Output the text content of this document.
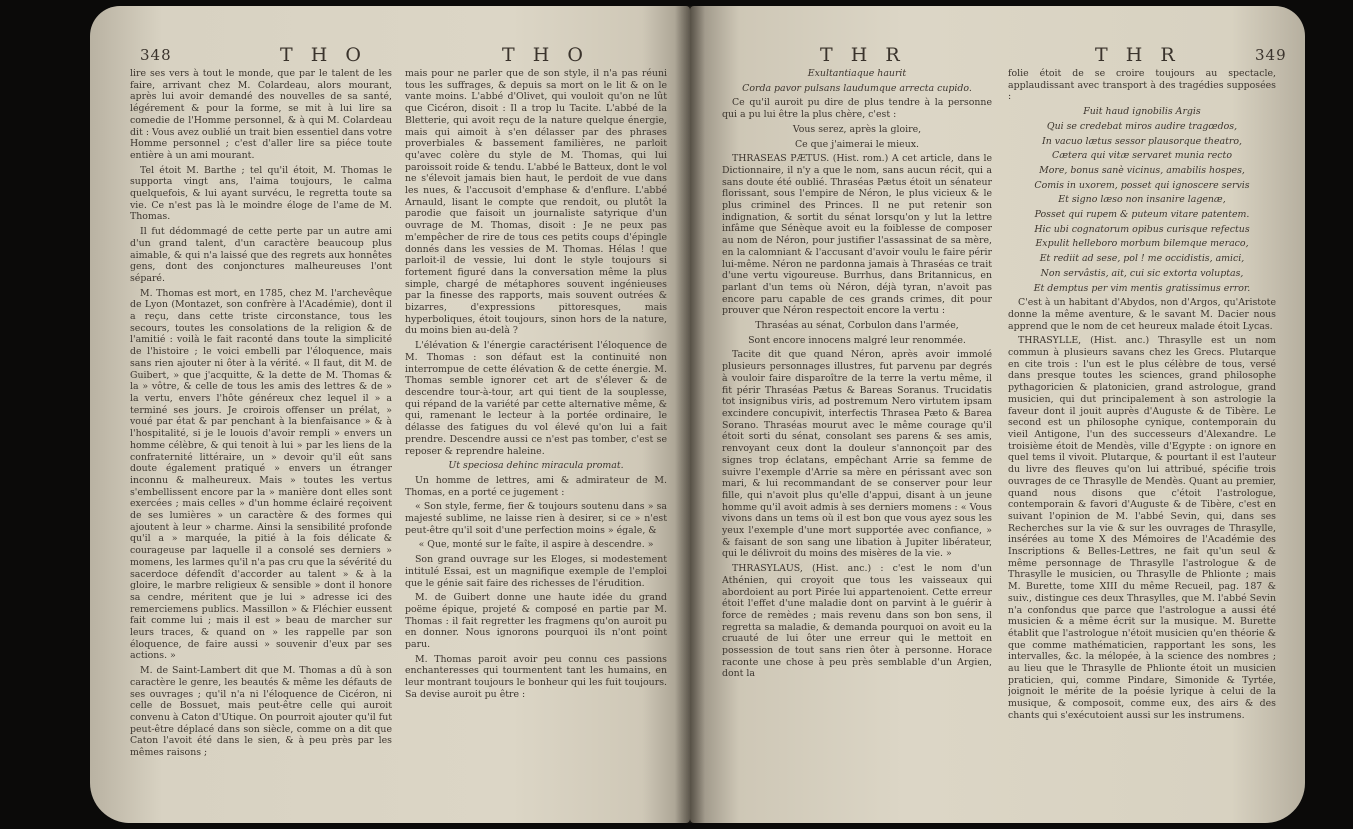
348	T H O	T H O

lire ses vers à tout le monde, que par le talent de les faire, arrivant chez M. Colardeau, alors mourant, après lui avoir demandé des nouvelles de sa santé, légérement & pour la forme, se mit à lui lire sa comedie de l'Homme personnel, & à qui M. Colardeau dit : Vous avez oublié un trait bien essentiel dans votre Homme personnel ; c'est d'aller lire sa piéce toute entière à un ami mourant.

Tel étoit M. Barthe ; tel qu'il étoit, M. Thomas le supporta vingt ans, l'aima toujours, le calma quelquefois, & lui ayant survécu, le regretta toute sa vie. Ce n'est pas là le moindre éloge de l'ame de M. Thomas.

Il fut dédommagé de cette perte par un autre ami d'un grand talent, d'un caractère beaucoup plus aimable, & qui n'a laissé que des regrets aux honnêtes gens, dont des conjonctures malheureuses l'ont séparé.

M. Thomas est mort, en 1785, chez M. l'archevêque de Lyon (Montazet, son confrère à l'Académie), dont il a reçu, dans cette triste circonstance, tous les secours, toutes les consolations de la religion & de l'amitié : voilà le fait raconté dans toute la simplicité de l'histoire ; le voici embelli par l'éloquence, mais sans rien ajouter ni ôter à la vérité. « Il faut, dit M. de Guibert, » que j'acquitte, & la dette de M. Thomas & la » vôtre, & celle de tous les amis des lettres & de » la vertu, envers l'hôte généreux chez lequel il » a terminé ses jours. Je croirois offenser un prélat, » voué par état & par penchant à la bienfaisance » & à l'hospitalité, si je le louois d'avoir rempli » envers un homme célèbre, & qui tenoit à lui » par les liens de la confraternité littéraire, un » devoir qu'il eût sans doute également pratiqué » envers un étranger inconnu & malheureux. Mais » toutes les vertus s'embellissent encore par la » manière dont elles sont exercées ; mais celles » d'un homme éclairé reçoivent de ses lumières » un caractère & des formes qui ajoutent à leur » charme. Ainsi la sensibilité profonde qu'il a » marquée, la pitié à la fois délicate & courageuse par laquelle il a consolé ses derniers » momens, les larmes qu'il n'a pas cru que la sévérité du sacerdoce défendît d'accorder au talent » & à la gloire, le marbre religieux & sensible » dont il honore sa cendre, méritent que je lui » adresse ici des remerciemens publics. Massillon » & Fléchier eussent fait comme lui ; mais il est » beau de marcher sur leurs traces, & quand on » les rappelle par son éloquence, de faire aussi » souvenir d'eux par ses actions. »

M. de Saint-Lambert dit que M. Thomas a dû à son caractère le genre, les beautés & même les défauts de ses ouvrages ; qu'il n'a ni l'éloquence de Cicéron, ni celle de Bossuet, mais peut-être celle qui auroit convenu à Caton d'Utique. On pourroit ajouter qu'il fut peut-être déplacé dans son siècle, comme on a dit que Caton l'avoit été dans le sien, & à peu près par les mêmes raisons ;

mais pour ne parler que de son style, il n'a pas réuni tous les suffrages, & depuis sa mort on le lit & on le vante moins. L'abbé d'Olivet, qui vouloit qu'on ne lût que Cicéron, disoit : Il a trop lu Tacite. L'abbé de la Bletterie, qui avoit reçu de la nature quelque énergie, mais qui aimoit à s'en délasser par des phrases proverbiales & bassement familières, ne parloit qu'avec colère du style de M. Thomas, qui lui paroissoit roide & tendu. L'abbé le Batteux, dont le vol ne s'élevoit jamais bien haut, le perdoit de vue dans les nues, & l'accusoit d'emphase & d'enflure. L'abbé Arnauld, lisant le compte que rendoit, ou plutôt la parodie que faisoit un journaliste satyrique d'un ouvrage de M. Thomas, disoit : Je ne peux pas m'empêcher de rire de tous ces petits coups d'épingle donnés dans les vessies de M. Thomas. Hélas ! que parloit-il de vessie, lui dont le style toujours si fortement figuré dans la conversation même la plus simple, chargé de métaphores souvent ingénieuses par la finesse des rapports, mais souvent outrées & bizarres, d'expressions pittoresques, mais hyperboliques, étoit toujours, sinon hors de la nature, du moins bien au-delà ?

L'élévation & l'énergie caractérisent l'éloquence de M. Thomas : son défaut est la continuité non interrompue de cette élévation & de cette énergie. M. Thomas semble ignorer cet art de s'élever & de descendre tour-à-tour, art qui tient de la souplesse, qui répand de la variété par cette alternative même, & qui, ramenant le lecteur à la portée ordinaire, le délasse des fatigues du vol élevé qu'on lui a fait prendre. Descendre aussi ce n'est pas tomber, c'est se reposer & reprendre haleine.

Ut speciosa dehinc miracula promat.

Un homme de lettres, ami & admirateur de M. Thomas, en a porté ce jugement :

« Son style, ferme, fier & toujours soutenu dans » sa majesté sublime, ne laisse rien à desirer, si ce » n'est peut-être qu'il soit d'une perfection moins » égale, &

« Que, monté sur le faîte, il aspire à descendre. »

Son grand ouvrage sur les Eloges, si modestement intitulé Essai, est un magnifique exemple de l'emploi que le génie sait faire des richesses de l'érudition.

M. de Guibert donne une haute idée du grand poëme épique, projeté & composé en partie par M. Thomas : il fait regretter les fragmens qu'on auroit pu en donner. Nous ignorons pourquoi ils n'ont point paru.

M. Thomas paroit avoir peu connu ces passions enchanteresses qui tourmentent tant les humains, en leur montrant toujours le bonheur qui les fuit toujours. Sa devise auroit pu être :

T H R	T H R	349

Exultantiaque haurit

Corda pavor pulsans laudumque arrecta cupido.

Ce qu'il auroit pu dire de plus tendre à la personne qui a pu lui être la plus chère, c'est :

Vous serez, après la gloire,

Ce que j'aimerai le mieux.

THRASEAS PÆTUS. (Hist. rom.) A cet article, dans le Dictionnaire, il n'y a que le nom, sans aucun récit, qui a sans doute été oublié. Thraséas Pætus étoit un sénateur florissant, sous l'empire de Néron, le plus vicieux & le plus criminel des Princes. Il ne put retenir son indignation, & sortit du sénat lorsqu'on y lut la lettre infâme que Sénèque avoit eu la foiblesse de composer au nom de Néron, pour justifier l'assassinat de sa mère, en la calomniant & l'accusant d'avoir voulu le faire périr lui-même. Néron ne pardonna jamais à Thraséas ce trait d'une vertu vigoureuse. Burrhus, dans Britannicus, en parlant d'un tems où Néron, déjà tyran, n'avoit pas encore paru capable de ces grands crimes, dit pour prouver que Néron respectoit encore la vertu :

Thraséas au sénat, Corbulon dans l'armée,

Sont encore innocens malgré leur renommée.

Tacite dit que quand Néron, après avoir immolé plusieurs personnages illustres, fut parvenu par degrés à vouloir faire disparoître de la terre la vertu même, il fit périr Thraséas Pætus & Bareas Soranus. Trucidatis tot insignibus viris, ad postremum Nero virtutem ipsam excindere concupivit, interfectis Thrasea Pæto & Barea Sorano. Thraséas mourut avec le même courage qu'il étoit sorti du sénat, consolant ses parens & ses amis, renvoyant ceux dont la douleur s'annonçoit par des signes trop éclatans, empêchant Arrie sa femme de suivre l'exemple d'Arrie sa mère en périssant avec son mari, & lui recommandant de se conserver pour leur fille, qui n'avoit plus qu'elle d'appui, disant à un jeune homme qu'il avoit admis à ses derniers momens : « Vous vivons dans un tems où il est bon que vous ayez sous les yeux l'exemple d'une mort supportée avec confiance, » & faisant de son sang une libation à Jupiter libérateur, qui le délivroit du moins des misères de la vie. »

THRASYLAUS, (Hist. anc.) : c'est le nom d'un Athénien, qui croyoit que tous les vaisseaux qui abordoient au port Pirée lui appartenoient. Cette erreur étoit l'effet d'une maladie dont on parvint à le guérir à force de remèdes ; mais revenu dans son bon sens, il regretta sa maladie, & demanda pourquoi on avoit eu la cruauté de lui ôter une erreur qui le mettoit en possession de tout sans rien ôter à personne. Horace raconte une chose à peu près semblable d'un Argien, dont la

folie étoit de se croire toujours au spectacle, applaudissant avec transport à des tragédies supposées :

Fuit haud ignobilis Argis

Qui se credebat miros audire tragœdos,

In vacuo lætus sessor plausorque theatro,

Cætera qui vitæ servaret munia recto

More, bonus sanè vicinus, amabilis hospes,

Comis in uxorem, posset qui ignoscere servis

Et signo læso non insanire lagenæ,

Posset qui rupem & puteum vitare patentem.

Hic ubi cognatorum opibus curisque refectus

Expulit helleboro morbum bilemque meraco,

Et rediit ad sese, pol ! me occidistis, amici,

Non servâstis, ait, cui sic extorta voluptas,

Et demptus per vim mentis gratissimus error.

C'est à un habitant d'Abydos, non d'Argos, qu'Aristote donne la même aventure, & le savant M. Dacier nous apprend que le nom de cet heureux malade étoit Lycas.

THRASYLLE, (Hist. anc.) Thrasylle est un nom commun à plusieurs savans chez les Grecs. Plutarque en cite trois : l'un est le plus célèbre de tous, versé dans presque toutes les sciences, grand philosophe pythagoricien & platonicien, grand astrologue, grand musicien, qui dut principalement à son astrologie la faveur dont il jouit auprès d'Auguste & de Tibère. Le second est un philosophe cynique, contemporain du vieil Antigone, l'un des successeurs d'Alexandre. Le troisième étoit de Mendès, ville d'Egypte : on ignore en quel tems il vivoit. Plutarque, & pourtant il est l'auteur du livre des fleuves qu'on lui attribué, spécifie trois ouvrages de ce Thrasylle de Mendès. Quant au premier, quand nous disons que c'étoit l'astrologue, contemporain & favori d'Auguste & de Tibère, c'est en suivant l'opinion de M. l'abbé Sevin, qui, dans ses Recherches sur la vie & sur les ouvrages de Thrasylle, insérées au tome X des Mémoires de l'Académie des Inscriptions & Belles-Lettres, ne fait qu'un seul & même personnage de Thrasylle l'astrologue & de Thrasylle le musicien, ou Thrasylle de Phlionte ; mais M. Burette, tome XIII du même Recueil, pag. 187 & suiv., distingue ces deux Thrasylles, que M. l'abbé Sevin n'a confondus que parce que l'astrologue a aussi été musicien & a même écrit sur la musique. M. Burette établit que l'astrologue n'étoit musicien qu'en théorie & que comme mathématicien, rapportant les sons, les intervalles, &c. la mélopée, à la science des nombres ; au lieu que le Thrasylle de Phlionte étoit un musicien praticien, qui, comme Pindare, Simonide & Tyrtée, joignoit le mérite de la poésie lyrique à celui de la musique, & composoit, comme eux, des airs & des chants qui s'exécutoient aussi sur les instrumens.
